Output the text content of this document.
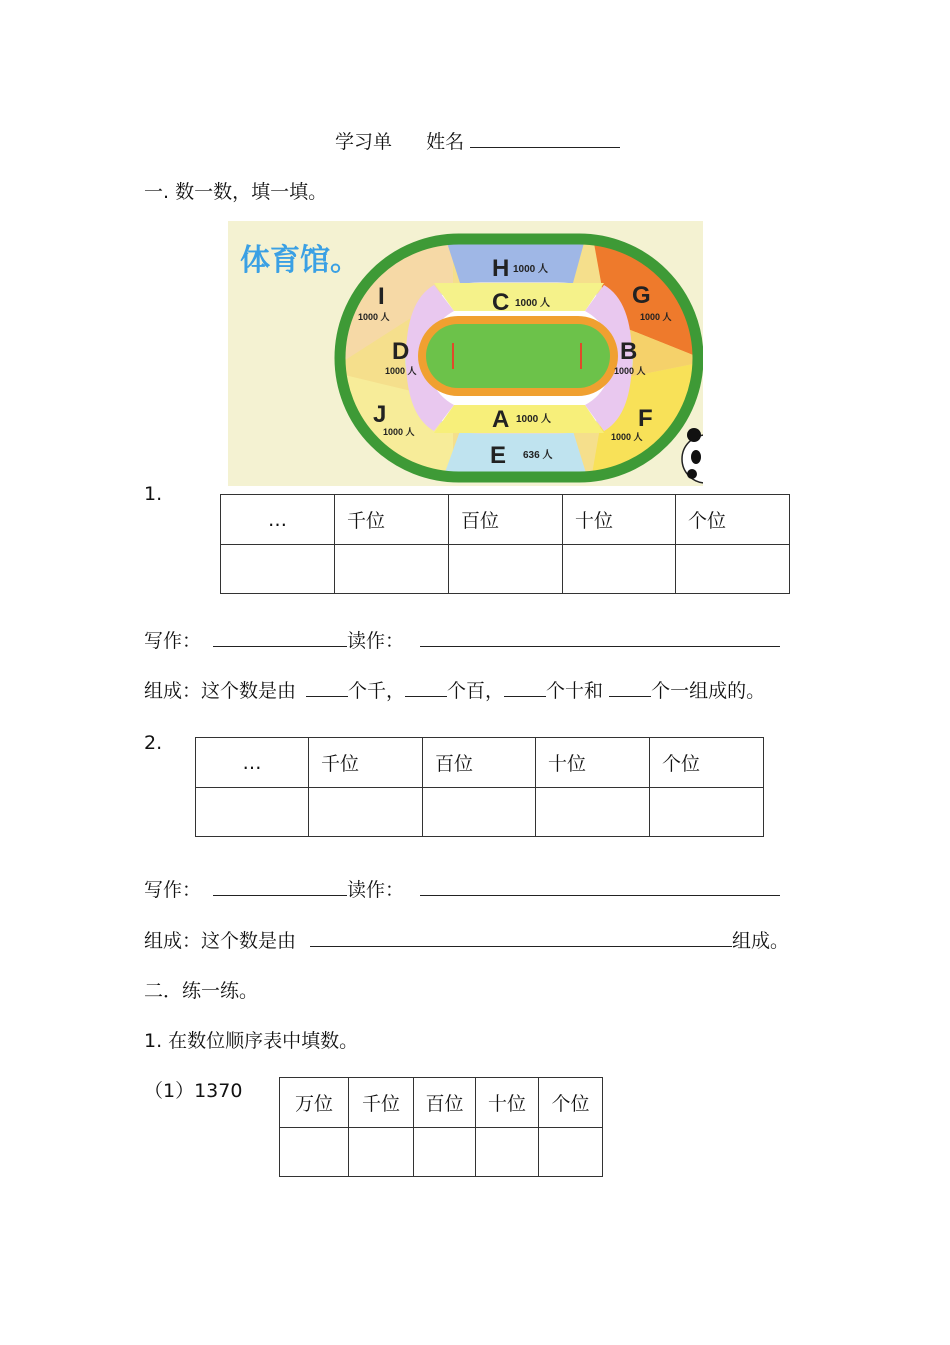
学习单 姓名
一. 数一数，填一填。
体育馆。	H 1000 人
C 1000 人	G
1000 人
I
1000 人
D
1000 人
B
1000 人
J
1000 人	A 1000 人	F
1000 人
E 636 人
1.
…	千位	百位	十位	个位

写作：	读作：
组成：这个数是由	个千， 个百， 个十和	个一组成的。
2.
…	千位	百位	十位	个位

写作：	读作：
组成：这个数是由	组成。
二．练一练。
1. 在数位顺序表中填数。
（1）1370
万位	千位	百位	十位	个位
